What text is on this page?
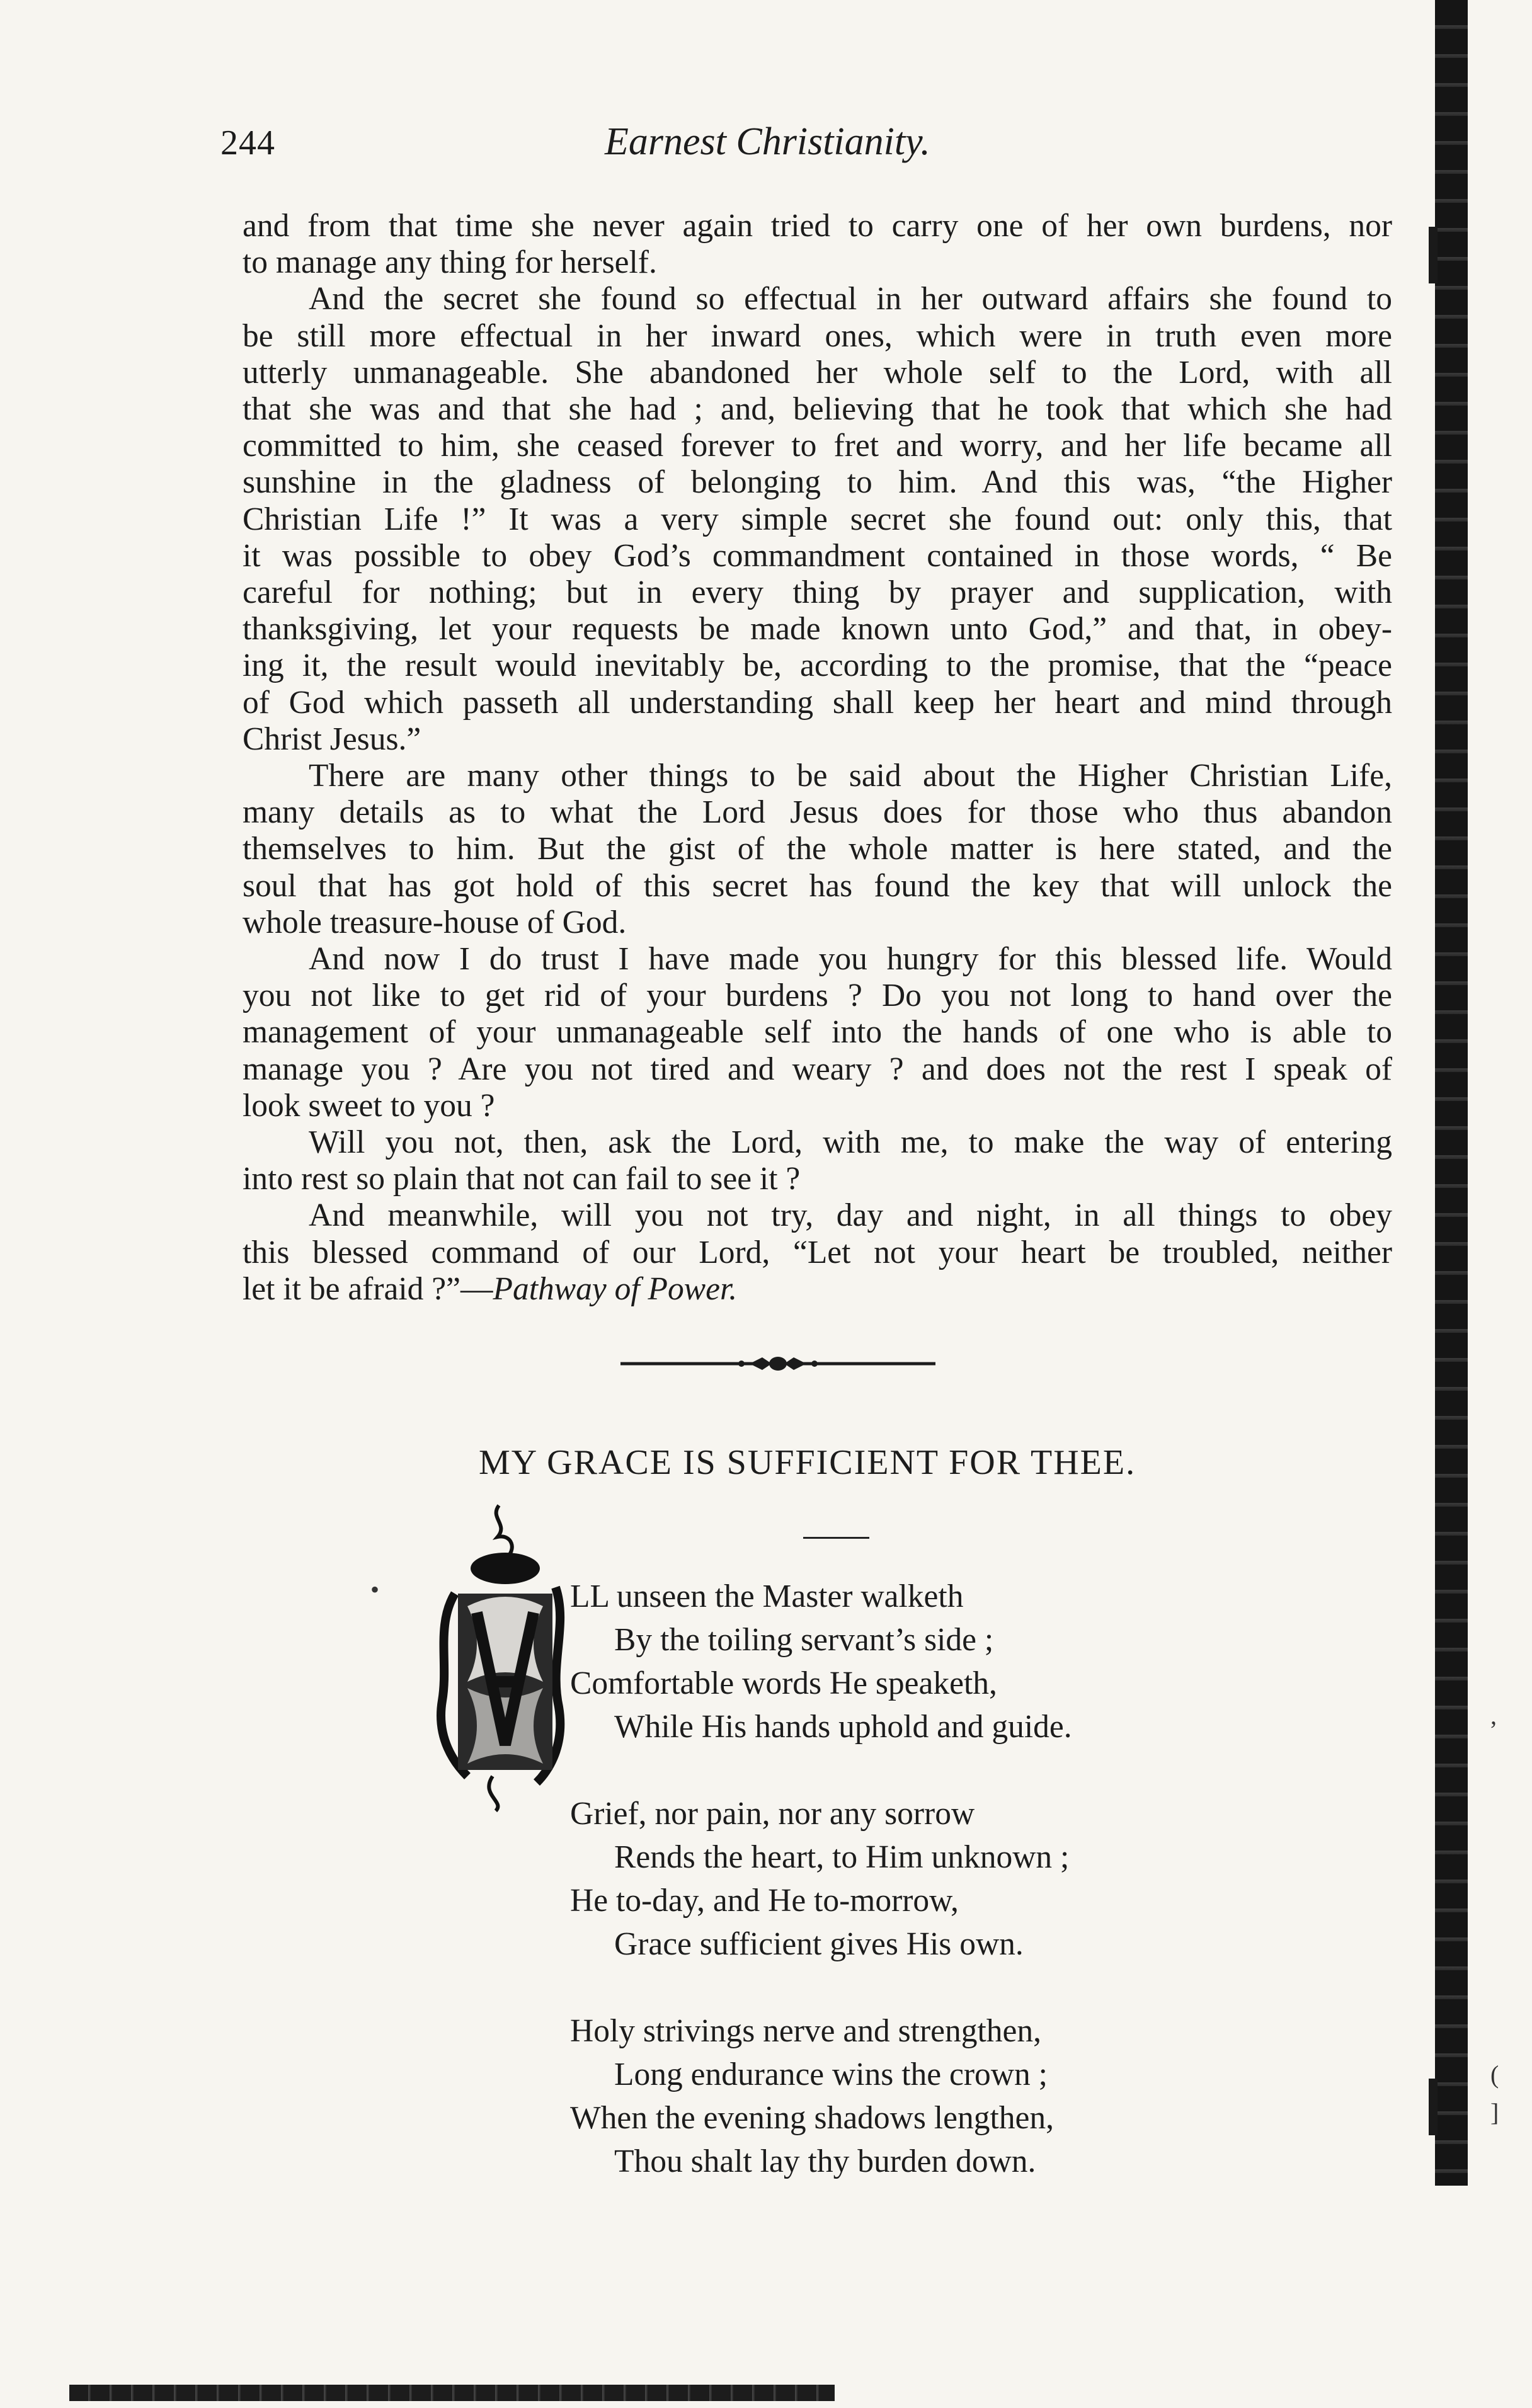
244	Earnest Christianity.
and from that time she never again tried to carry one of her own burdens, nor
to manage any thing for herself.
And the secret she found so effectual in her outward affairs she found to
be still more effectual in her inward ones, which were in truth even more
utterly unmanageable. She abandoned her whole self to the Lord, with all
that she was and that she had ; and, believing that he took that which she had
committed to him, she ceased forever to fret and worry, and her life became all
sunshine in the gladness of belonging to him. And this was, “the Higher
Christian Life !” It was a very simple secret she found out: only this, that
it was possible to obey God’s commandment contained in those words, “ Be
careful for nothing; but in every thing by prayer and supplication, with
thanksgiving, let your requests be made known unto God,” and that, in obey-
ing it, the result would inevitably be, according to the promise, that the “peace
of God which passeth all understanding shall keep her heart and mind through
Christ Jesus.”
There are many other things to be said about the Higher Christian Life,
many details as to what the Lord Jesus does for those who thus abandon
themselves to him. But the gist of the whole matter is here stated, and the
soul that has got hold of this secret has found the key that will unlock the
whole treasure-house of God.
And now I do trust I have made you hungry for this blessed life. Would
you not like to get rid of your burdens ? Do you not long to hand over the
management of your unmanageable self into the hands of one who is able to
manage you ? Are you not tired and weary ? and does not the rest I speak of
look sweet to you ?
Will you not, then, ask the Lord, with me, to make the way of entering
into rest so plain that not can fail to see it ?
And meanwhile, will you not try, day and night, in all things to obey
this blessed command of our Lord, “Let not your heart be troubled, neither
let it be afraid ?”—Pathway of Power.
MY GRACE IS SUFFICIENT FOR THEE.
LL unseen the Master walketh
By the toiling servant’s side ;
Comfortable words He speaketh,
While His hands uphold and guide.
Grief, nor pain, nor any sorrow
Rends the heart, to Him unknown ;
He to-day, and He to-morrow,
Grace sufficient gives His own.
Holy strivings nerve and strengthen,
Long endurance wins the crown ;
When the evening shadows lengthen,
Thou shalt lay thy burden down.
,
(
]
•
